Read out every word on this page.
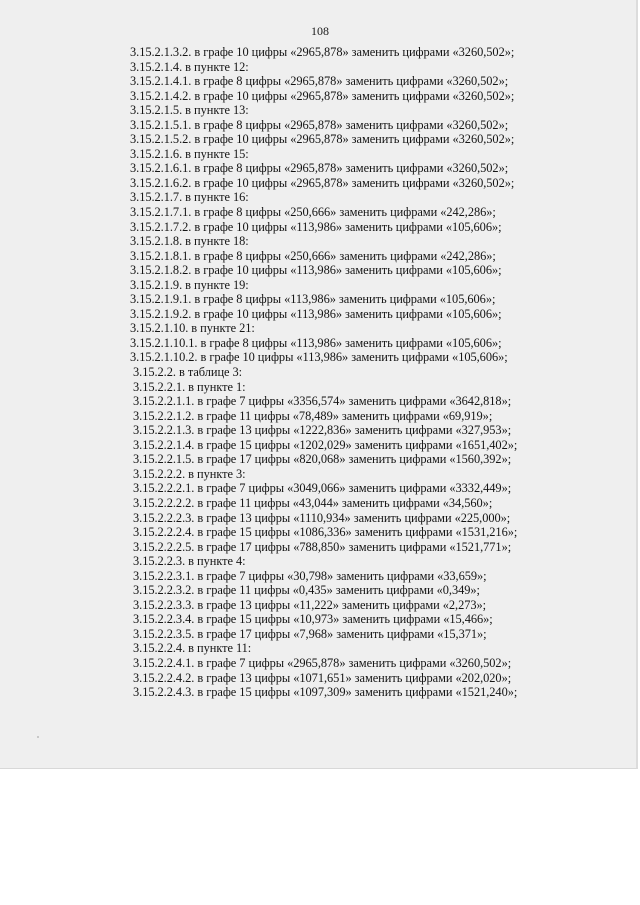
108
3.15.2.1.3.2. в графе 10 цифры «2965,878» заменить цифрами «3260,502»;
3.15.2.1.4. в пункте 12:
3.15.2.1.4.1. в графе 8 цифры «2965,878» заменить цифрами «3260,502»;
3.15.2.1.4.2. в графе 10 цифры «2965,878» заменить цифрами «3260,502»;
3.15.2.1.5. в пункте 13:
3.15.2.1.5.1. в графе 8 цифры «2965,878» заменить цифрами «3260,502»;
3.15.2.1.5.2. в графе 10 цифры «2965,878» заменить цифрами «3260,502»;
3.15.2.1.6. в пункте 15:
3.15.2.1.6.1. в графе 8 цифры «2965,878» заменить цифрами «3260,502»;
3.15.2.1.6.2. в графе 10 цифры «2965,878» заменить цифрами «3260,502»;
3.15.2.1.7. в пункте 16:
3.15.2.1.7.1. в графе 8 цифры «250,666» заменить цифрами «242,286»;
3.15.2.1.7.2. в графе 10 цифры «113,986» заменить цифрами «105,606»;
3.15.2.1.8. в пункте 18:
3.15.2.1.8.1. в графе 8 цифры «250,666» заменить цифрами «242,286»;
3.15.2.1.8.2. в графе 10 цифры «113,986» заменить цифрами «105,606»;
3.15.2.1.9. в пункте 19:
3.15.2.1.9.1. в графе 8 цифры «113,986» заменить цифрами «105,606»;
3.15.2.1.9.2. в графе 10 цифры «113,986» заменить цифрами «105,606»;
3.15.2.1.10. в пункте 21:
3.15.2.1.10.1. в графе 8 цифры «113,986» заменить цифрами «105,606»;
3.15.2.1.10.2. в графе 10 цифры «113,986» заменить цифрами «105,606»;
3.15.2.2. в таблице 3:
3.15.2.2.1. в пункте 1:
3.15.2.2.1.1. в графе 7 цифры «3356,574» заменить цифрами «3642,818»;
3.15.2.2.1.2. в графе 11 цифры «78,489» заменить цифрами «69,919»;
3.15.2.2.1.3. в графе 13 цифры «1222,836» заменить цифрами «327,953»;
3.15.2.2.1.4. в графе 15 цифры «1202,029» заменить цифрами «1651,402»;
3.15.2.2.1.5. в графе 17 цифры «820,068» заменить цифрами «1560,392»;
3.15.2.2.2. в пункте 3:
3.15.2.2.2.1. в графе 7 цифры «3049,066» заменить цифрами «3332,449»;
3.15.2.2.2.2. в графе 11 цифры «43,044» заменить цифрами «34,560»;
3.15.2.2.2.3. в графе 13 цифры «1110,934» заменить цифрами «225,000»;
3.15.2.2.2.4. в графе 15 цифры «1086,336» заменить цифрами «1531,216»;
3.15.2.2.2.5. в графе 17 цифры «788,850» заменить цифрами «1521,771»;
3.15.2.2.3. в пункте 4:
3.15.2.2.3.1. в графе 7 цифры «30,798» заменить цифрами «33,659»;
3.15.2.2.3.2. в графе 11 цифры «0,435» заменить цифрами «0,349»;
3.15.2.2.3.3. в графе 13 цифры «11,222» заменить цифрами «2,273»;
3.15.2.2.3.4. в графе 15 цифры «10,973» заменить цифрами «15,466»;
3.15.2.2.3.5. в графе 17 цифры «7,968» заменить цифрами «15,371»;
3.15.2.2.4. в пункте 11:
3.15.2.2.4.1. в графе 7 цифры «2965,878» заменить цифрами «3260,502»;
3.15.2.2.4.2. в графе 13 цифры «1071,651» заменить цифрами «202,020»;
3.15.2.2.4.3. в графе 15 цифры «1097,309» заменить цифрами «1521,240»;
